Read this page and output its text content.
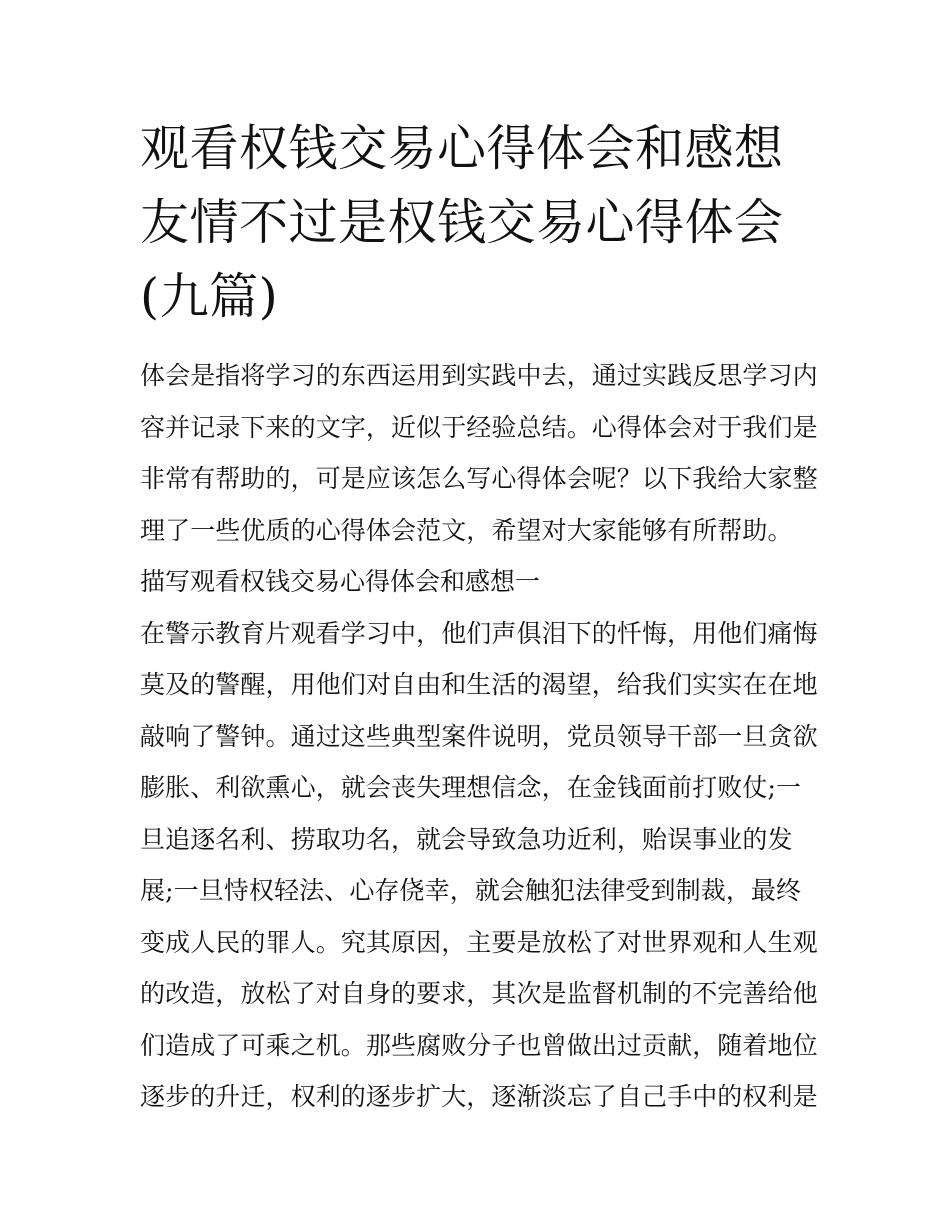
观看权钱交易心得体会和感想

友情不过是权钱交易心得体会

(九篇)

体会是指将学习的东西运用到实践中去，通过实践反思学习内

容并记录下来的文字，近似于经验总结。心得体会对于我们是

非常有帮助的，可是应该怎么写心得体会呢？以下我给大家整

理了一些优质的心得体会范文，希望对大家能够有所帮助。

描写观看权钱交易心得体会和感想一

在警示教育片观看学习中，他们声俱泪下的忏悔，用他们痛悔

莫及的警醒，用他们对自由和生活的渴望，给我们实实在在地

敲响了警钟。通过这些典型案件说明，党员领导干部一旦贪欲

膨胀、利欲熏心，就会丧失理想信念，在金钱面前打败仗;一

旦追逐名利、捞取功名，就会导致急功近利，贻误事业的发

展;一旦恃权轻法、心存侥幸，就会触犯法律受到制裁，最终

变成人民的罪人。究其原因，主要是放松了对世界观和人生观

的改造，放松了对自身的要求，其次是监督机制的不完善给他

们造成了可乘之机。那些腐败分子也曾做出过贡献，随着地位

逐步的升迁，权利的逐步扩大，逐渐淡忘了自己手中的权利是
